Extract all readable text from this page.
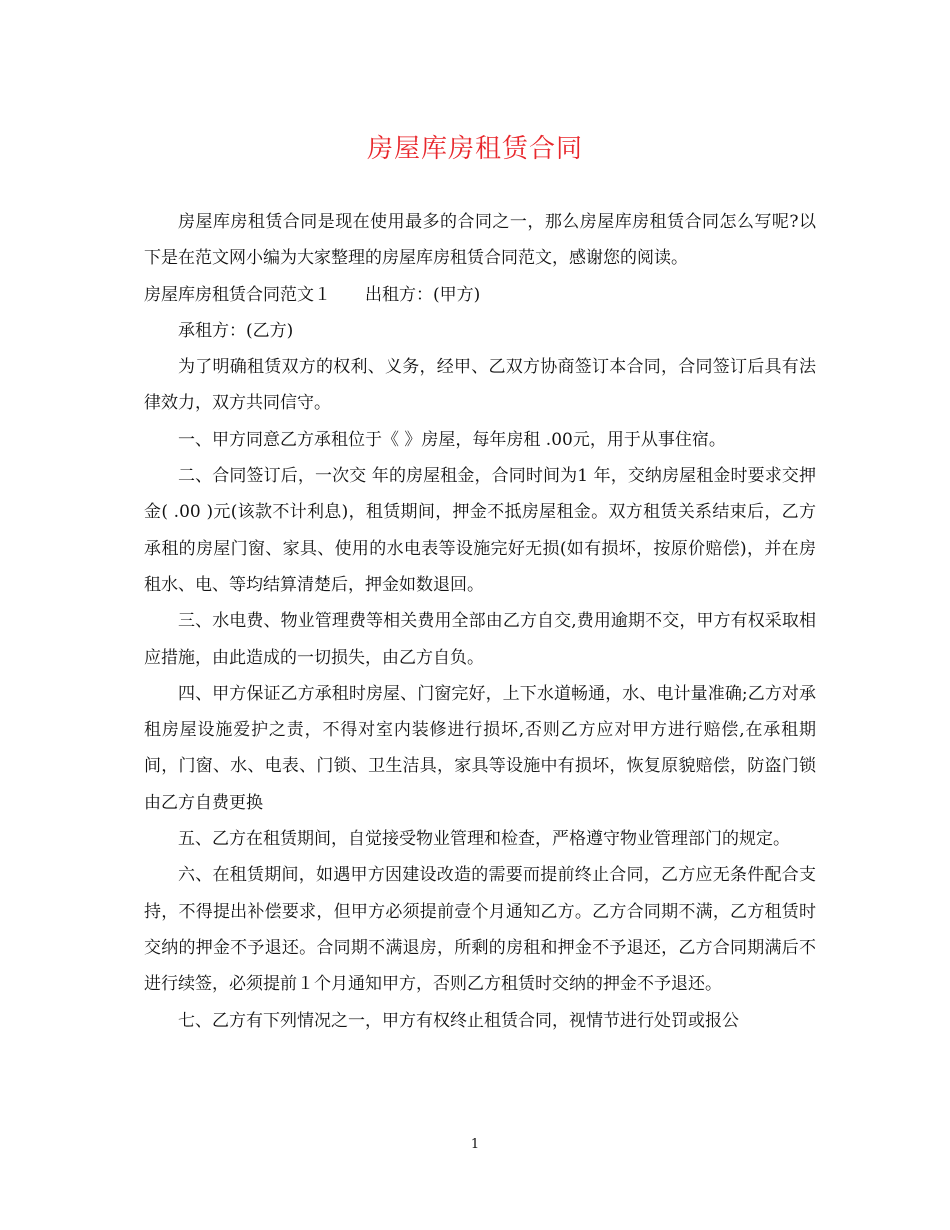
房屋库房租赁合同

房屋库房租赁合同是现在使用最多的合同之一，那么房屋库房租赁合同怎么写呢?以下是在范文网小编为大家整理的房屋库房租赁合同范文，感谢您的阅读。

房屋库房租赁合同范文１ 出租方：(甲方)

承租方：(乙方)

为了明确租赁双方的权利、义务，经甲、乙双方协商签订本合同，合同签订后具有法律效力，双方共同信守。

一、甲方同意乙方承租位于《 》房屋，每年房租 .00元，用于从事住宿。

二、合同签订后，一次交 年的房屋租金，合同时间为1 年，交纳房屋租金时要求交押金( .00 )元(该款不计利息)，租赁期间，押金不抵房屋租金。双方租赁关系结束后，乙方承租的房屋门窗、家具、使用的水电表等设施完好无损(如有损坏，按原价赔偿)，并在房租水、电、等均结算清楚后，押金如数退回。

三、水电费、物业管理费等相关费用全部由乙方自交,费用逾期不交，甲方有权采取相应措施，由此造成的一切损失，由乙方自负。

四、甲方保证乙方承租时房屋、门窗完好，上下水道畅通，水、电计量准确;乙方对承租房屋设施爱护之责，不得对室内装修进行损坏,否则乙方应对甲方进行赔偿,在承租期间，门窗、水、电表、门锁、卫生洁具，家具等设施中有损坏，恢复原貌赔偿，防盗门锁由乙方自费更换

五、乙方在租赁期间，自觉接受物业管理和检查，严格遵守物业管理部门的规定。

六、在租赁期间，如遇甲方因建设改造的需要而提前终止合同，乙方应无条件配合支持，不得提出补偿要求，但甲方必须提前壹个月通知乙方。乙方合同期不满，乙方租赁时交纳的押金不予退还。合同期不满退房，所剩的房租和押金不予退还，乙方合同期满后不进行续签，必须提前１个月通知甲方，否则乙方租赁时交纳的押金不予退还。

七、乙方有下列情况之一，甲方有权终止租赁合同，视情节进行处罚或报公

1
